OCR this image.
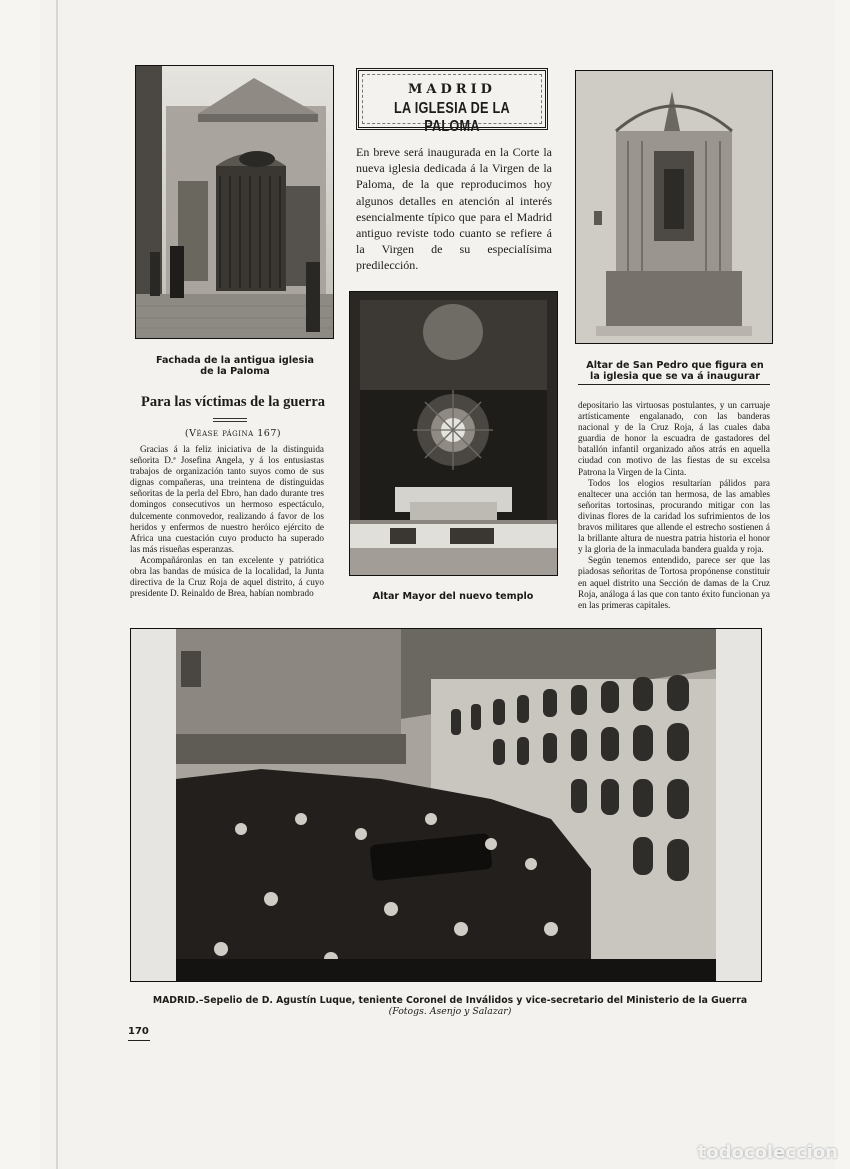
Fachada de la antigua iglesia de la Paloma
MADRID
LA IGLESIA DE LA PALOMA
En breve será inaugurada en la Corte la nueva iglesia dedicada á la Virgen de la Paloma, de la que reproducimos hoy algunos detalles en atención al interés esencialmente típico que para el Madrid antiguo reviste todo cuanto se refiere á la Virgen de su especialísima predilección.
Altar de San Pedro que figura en la iglesia que se va á inaugurar
Para las víctimas de la guerra
(Véase página 167)

Gracias á la feliz iniciativa de la distinguida señorita D.ª Josefina Angela, y á los entusiastas trabajos de organización tanto suyos como de sus dignas compañeras, una treintena de distinguidas señoritas de la perla del Ebro, han dado durante tres domingos consecutivos un hermoso espectáculo, dulcemente conmovedor, realizando á favor de los heridos y enfermos de nuestro heróico ejército de Africa una cuestación cuyo producto ha superado las más risueñas esperanzas.

Acompañáronlas en tan excelente y patriótica obra las bandas de música de la localidad, la Junta directiva de la Cruz Roja de aquel distrito, á cuyo presidente D. Reinaldo de Brea, habían nombrado	Altar Mayor del nuevo templo

depositario las virtuosas postulantes, y un carruaje artísticamente engalanado, con las banderas nacional y de la Cruz Roja, á las cuales daba guardia de honor la escuadra de gastadores del batallón infantil organizado años atrás en aquella ciudad con motivo de las fiestas de su excelsa Patrona la Virgen de la Cinta.

Todos los elogios resultarían pálidos para enaltecer una acción tan hermosa, de las amables señoritas tortosinas, procurando mitigar con las divinas flores de la caridad los sufrimientos de los bravos militares que allende el estrecho sostienen á la brillante altura de nuestra patria historia el honor y la gloria de la inmaculada bandera gualda y roja.

Según tenemos entendido, parece ser que las piadosas señoritas de Tortosa propónense constituir en aquel distrito una Sección de damas de la Cruz Roja, análoga á las que con tanto éxito funcionan ya en las primeras capitales.

MADRID.–Sepelio de D. Agustín Luque, teniente Coronel de Inválidos y vice-secretario del Ministerio de la Guerra
(Fotogs. Asenjo y Salazar)
170
todocoleccion
